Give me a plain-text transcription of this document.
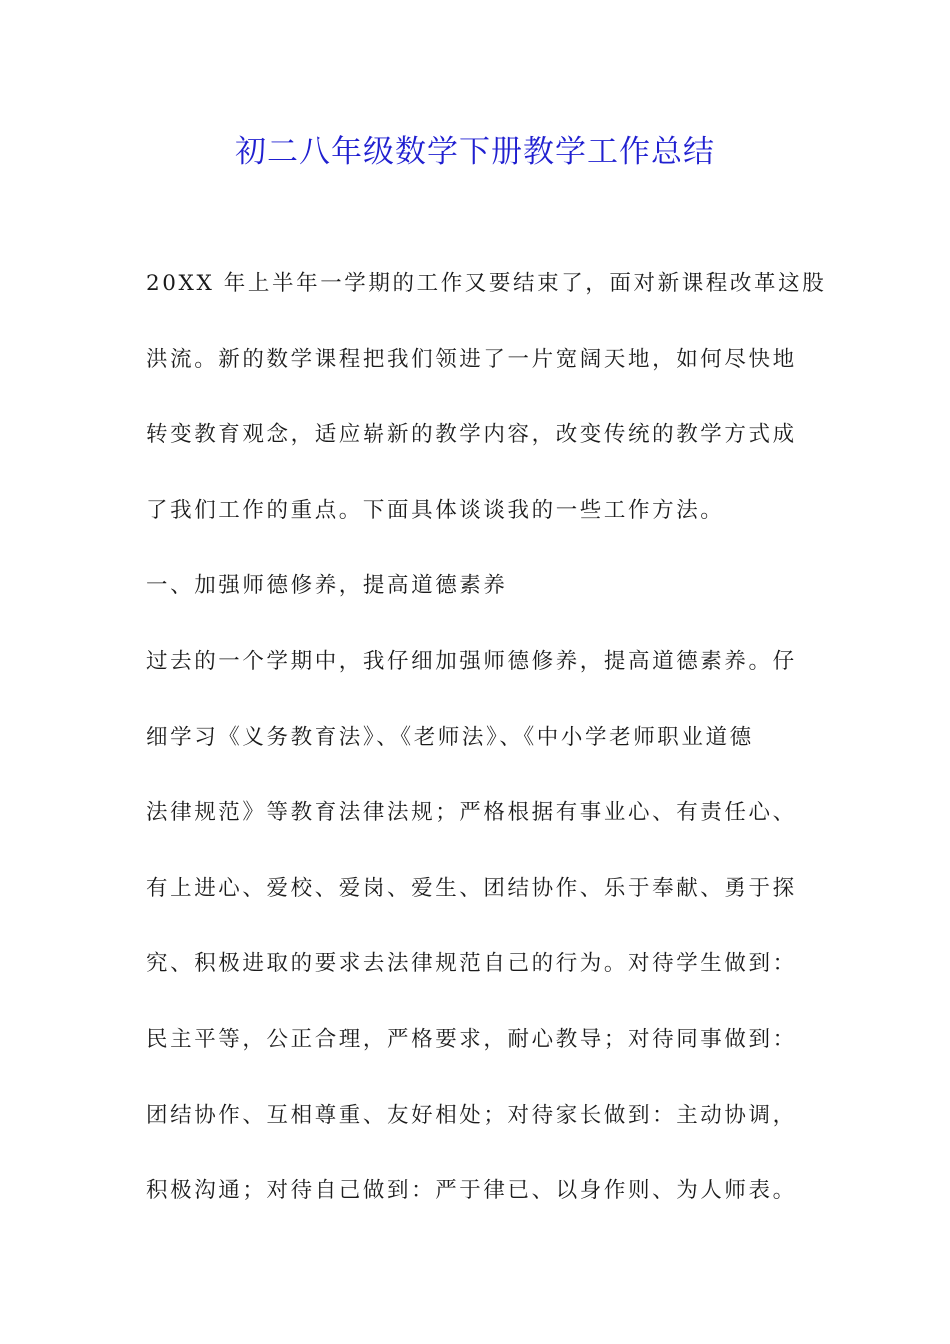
初二八年级数学下册教学工作总结
20XX 年上半年一学期的工作又要结束了，面对新课程改革这股
洪流。新的数学课程把我们领进了一片宽阔天地，如何尽快地
转变教育观念，适应崭新的教学内容，改变传统的教学方式成
了我们工作的重点。下面具体谈谈我的一些工作方法。
一、加强师德修养，提高道德素养
过去的一个学期中，我仔细加强师德修养，提高道德素养。仔
细学习《义务教育法》、《老师法》、《中小学老师职业道德
法律规范》等教育法律法规；严格根据有事业心、有责任心、
有上进心、爱校、爱岗、爱生、团结协作、乐于奉献、勇于探
究、积极进取的要求去法律规范自己的行为。对待学生做到：
民主平等，公正合理，严格要求，耐心教导；对待同事做到：
团结协作、互相尊重、友好相处；对待家长做到：主动协调，
积极沟通；对待自己做到：严于律已、以身作则、为人师表。
